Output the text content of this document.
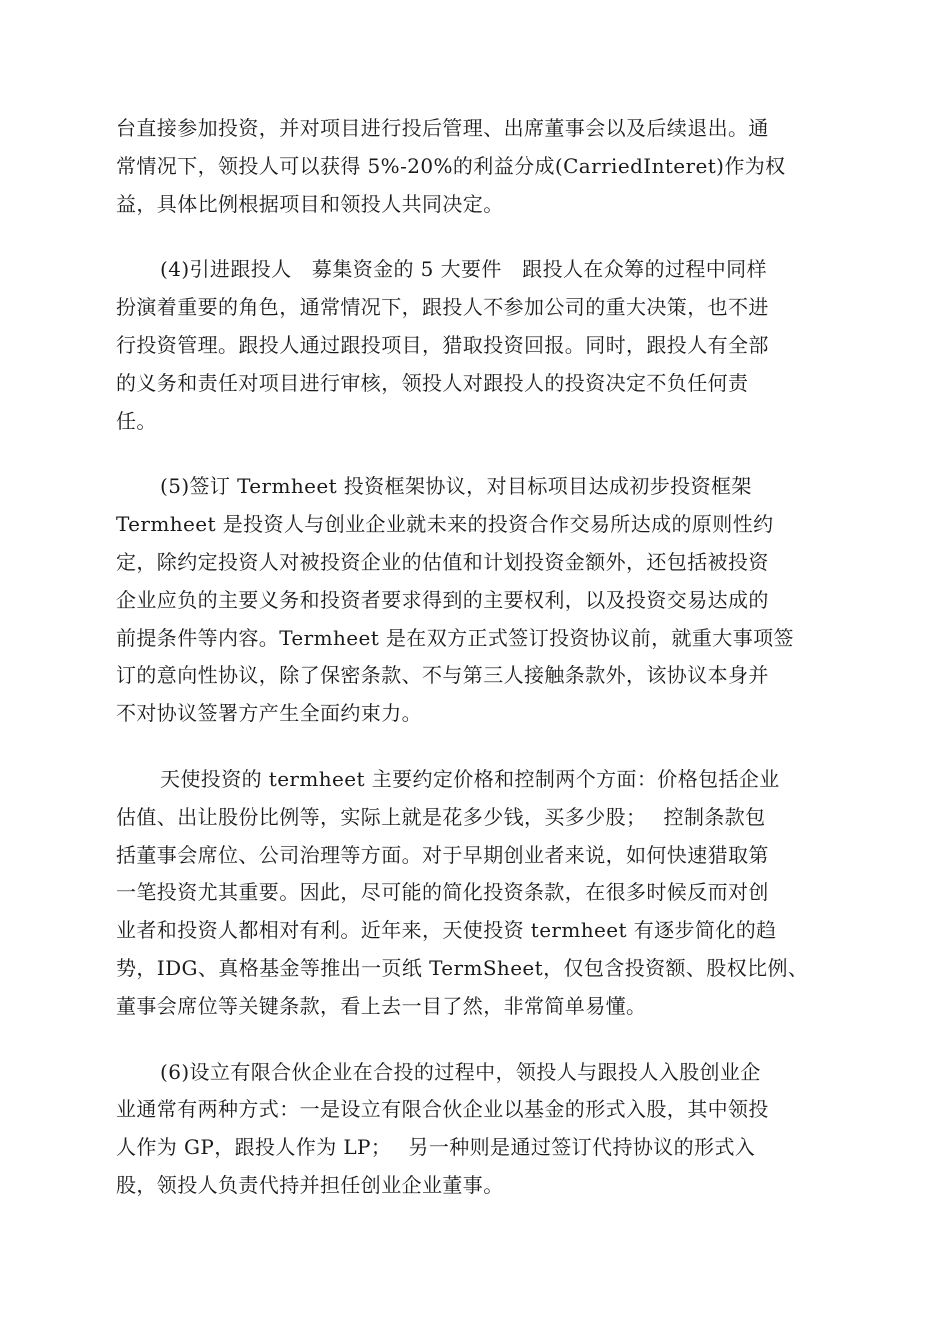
台直接参加投资，并对项目进行投后管理、出席董事会以及后续退出。通
常情况下，领投人可以获得 5%-20%的利益分成(CarriedInteret)作为权
益，具体比例根据项目和领投人共同决定。

(4)引进跟投人　募集资金的 5 大要件　跟投人在众筹的过程中同样
扮演着重要的角色，通常情况下，跟投人不参加公司的重大决策，也不进
行投资管理。跟投人通过跟投项目，猎取投资回报。同时，跟投人有全部
的义务和责任对项目进行审核，领投人对跟投人的投资决定不负任何责
任。

(5)签订 Termheet 投资框架协议，对目标项目达成初步投资框架
Termheet 是投资人与创业企业就未来的投资合作交易所达成的原则性约
定，除约定投资人对被投资企业的估值和计划投资金额外，还包括被投资
企业应负的主要义务和投资者要求得到的主要权利，以及投资交易达成的
前提条件等内容。Termheet 是在双方正式签订投资协议前，就重大事项签
订的意向性协议，除了保密条款、不与第三人接触条款外，该协议本身并
不对协议签署方产生全面约束力。

天使投资的 termheet 主要约定价格和控制两个方面：价格包括企业
估值、出让股份比例等，实际上就是花多少钱，买多少股；　 控制条款包
括董事会席位、公司治理等方面。对于早期创业者来说，如何快速猎取第
一笔投资尤其重要。因此，尽可能的简化投资条款，在很多时候反而对创
业者和投资人都相对有利。近年来，天使投资 termheet 有逐步简化的趋
势，IDG、真格基金等推出一页纸 TermSheet，仅包含投资额、股权比例、
董事会席位等关键条款，看上去一目了然，非常简单易懂。

(6)设立有限合伙企业在合投的过程中，领投人与跟投人入股创业企
业通常有两种方式：一是设立有限合伙企业以基金的形式入股，其中领投
人作为 GP，跟投人作为 LP；　 另一种则是通过签订代持协议的形式入
股，领投人负责代持并担任创业企业董事。
